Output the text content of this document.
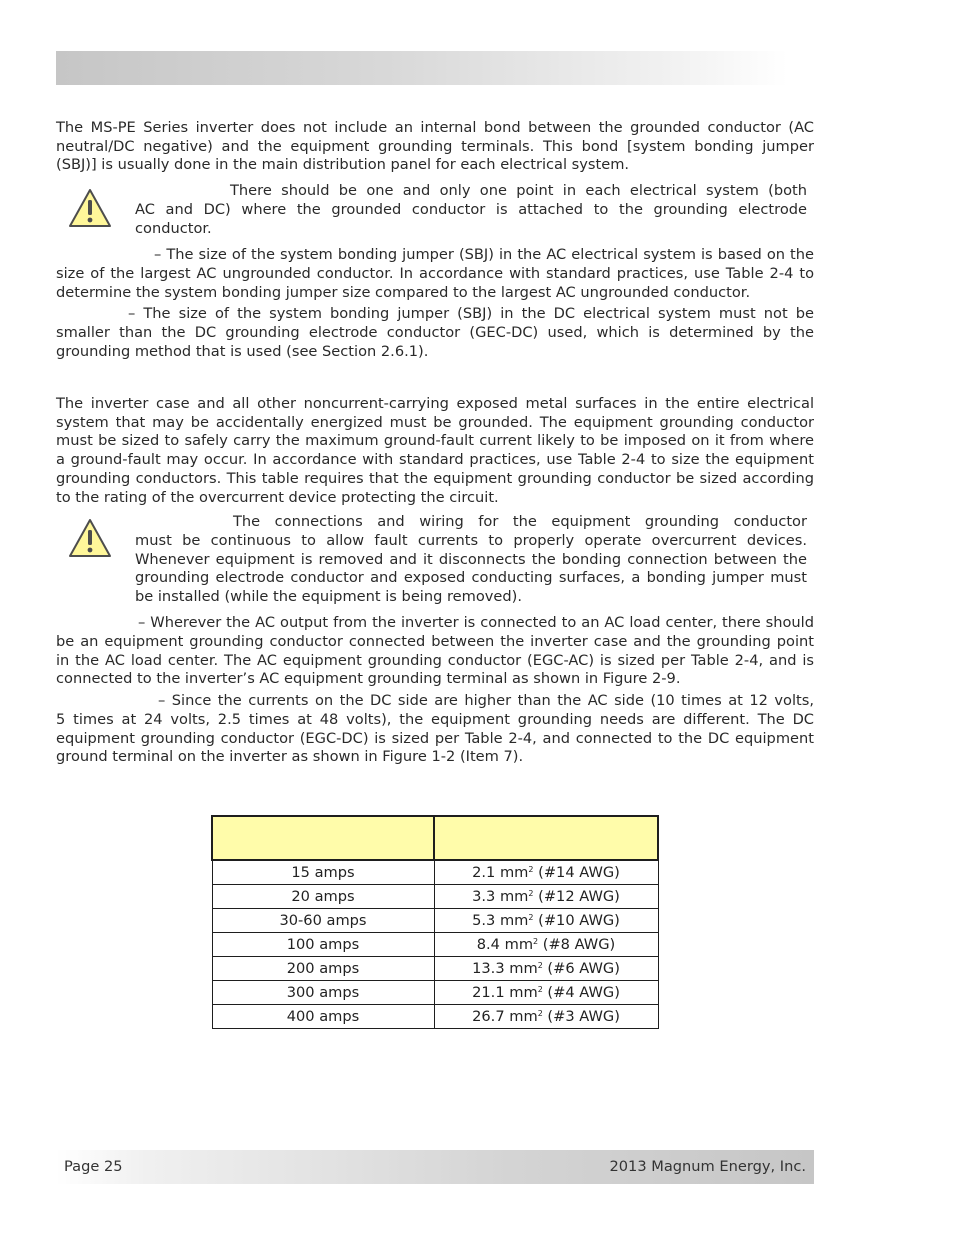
The MS-PE Series inverter does not include an internal bond between the grounded conductor (AC neutral/DC negative) and the equipment grounding terminals. This bond [system bonding jumper (SBJ)] is usually done in the main distribution panel for each electrical system.

There should be one and only one point in each electrical system (both

AC and DC) where the grounded conductor is attached to the grounding electrode conductor.

– The size of the system bonding jumper (SBJ) in the AC electrical system is based on the

size of the largest AC ungrounded conductor. In accordance with standard practices, use Table 2-4 to determine the system bonding jumper size compared to the largest AC ungrounded conductor.

– The size of the system bonding jumper (SBJ) in the DC electrical system must not be

smaller than the DC grounding electrode conductor (GEC-DC) used, which is determined by the grounding method that is used (see Section 2.6.1).

The inverter case and all other noncurrent-carrying exposed metal surfaces in the entire electrical system that may be accidentally energized must be grounded. The equipment grounding conductor must be sized to safely carry the maximum ground-fault current likely to be imposed on it from where a ground-fault may occur. In accordance with standard practices, use Table 2-4 to size the equipment grounding conductors. This table requires that the equipment grounding conductor be sized according to the rating of the overcurrent device protecting the circuit.

The connections and wiring for the equipment grounding conductor

must be continuous to allow fault currents to properly operate overcurrent devices. Whenever equipment is removed and it disconnects the bonding connection between the grounding electrode conductor and exposed conducting surfaces, a bonding jumper must be installed (while the equipment is being removed).

– Wherever the AC output from the inverter is connected to an AC load center, there should

be an equipment grounding conductor connected between the inverter case and the grounding point in the AC load center. The AC equipment grounding conductor (EGC-AC) is sized per Table 2-4, and is connected to the inverter’s AC equipment grounding terminal as shown in Figure 2-9.

– Since the currents on the DC side are higher than the AC side (10 times at 12 volts,

5 times at 24 volts, 2.5 times at 48 volts), the equipment grounding needs are different. The DC equipment grounding conductor (EGC-DC) is sized per Table 2-4, and connected to the DC equipment ground terminal on the inverter as shown in Figure 1-2 (Item 7).

15 amps	2.1 $mm^2$ (#14 AWG)
20 amps	3.3 $mm^2$ (#12 AWG)
30-60 amps	5.3 $mm^2$ (#10 AWG)
100 amps	8.4 $mm^2$ (#8 AWG)
200 amps	13.3 $mm^2$ (#6 AWG)
300 amps	21.1 $mm^2$ (#4 AWG)
400 amps	26.7 $mm^2$ (#3 AWG)
Page 25	2013 Magnum Energy, Inc.
